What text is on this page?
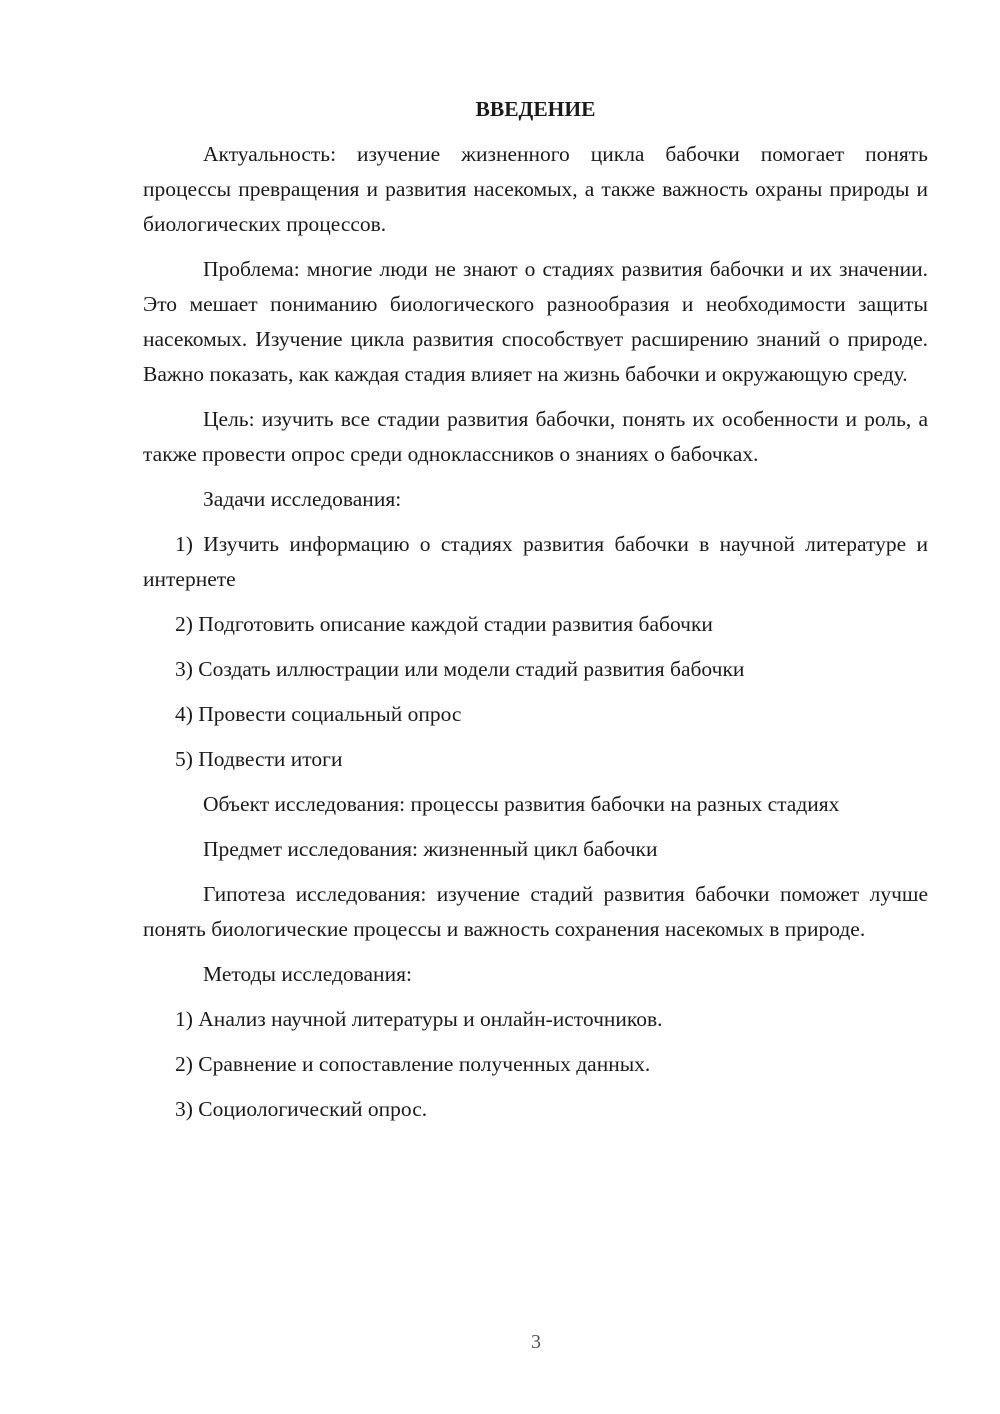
ВВЕДЕНИЕ

Актуальность: изучение жизненного цикла бабочки помогает понять процессы превращения и развития насекомых, а также важность охраны природы и биологических процессов.

Проблема: многие люди не знают о стадиях развития бабочки и их значении. Это мешает пониманию биологического разнообразия и необходимости защиты насекомых. Изучение цикла развития способствует расширению знаний о природе. Важно показать, как каждая стадия влияет на жизнь бабочки и окружающую среду.

Цель: изучить все стадии развития бабочки, понять их особенности и роль, а также провести опрос среди одноклассников о знаниях о бабочках.

Задачи исследования:

1) Изучить информацию о стадиях развития бабочки в научной литературе и интернете

2) Подготовить описание каждой стадии развития бабочки

3) Создать иллюстрации или модели стадий развития бабочки

4) Провести социальный опрос

5) Подвести итоги

Объект исследования: процессы развития бабочки на разных стадиях

Предмет исследования: жизненный цикл бабочки

Гипотеза исследования: изучение стадий развития бабочки поможет лучше понять биологические процессы и важность сохранения насекомых в природе.

Методы исследования:

1) Анализ научной литературы и онлайн-источников.

2) Сравнение и сопоставление полученных данных.

3) Социологический опрос.

3
